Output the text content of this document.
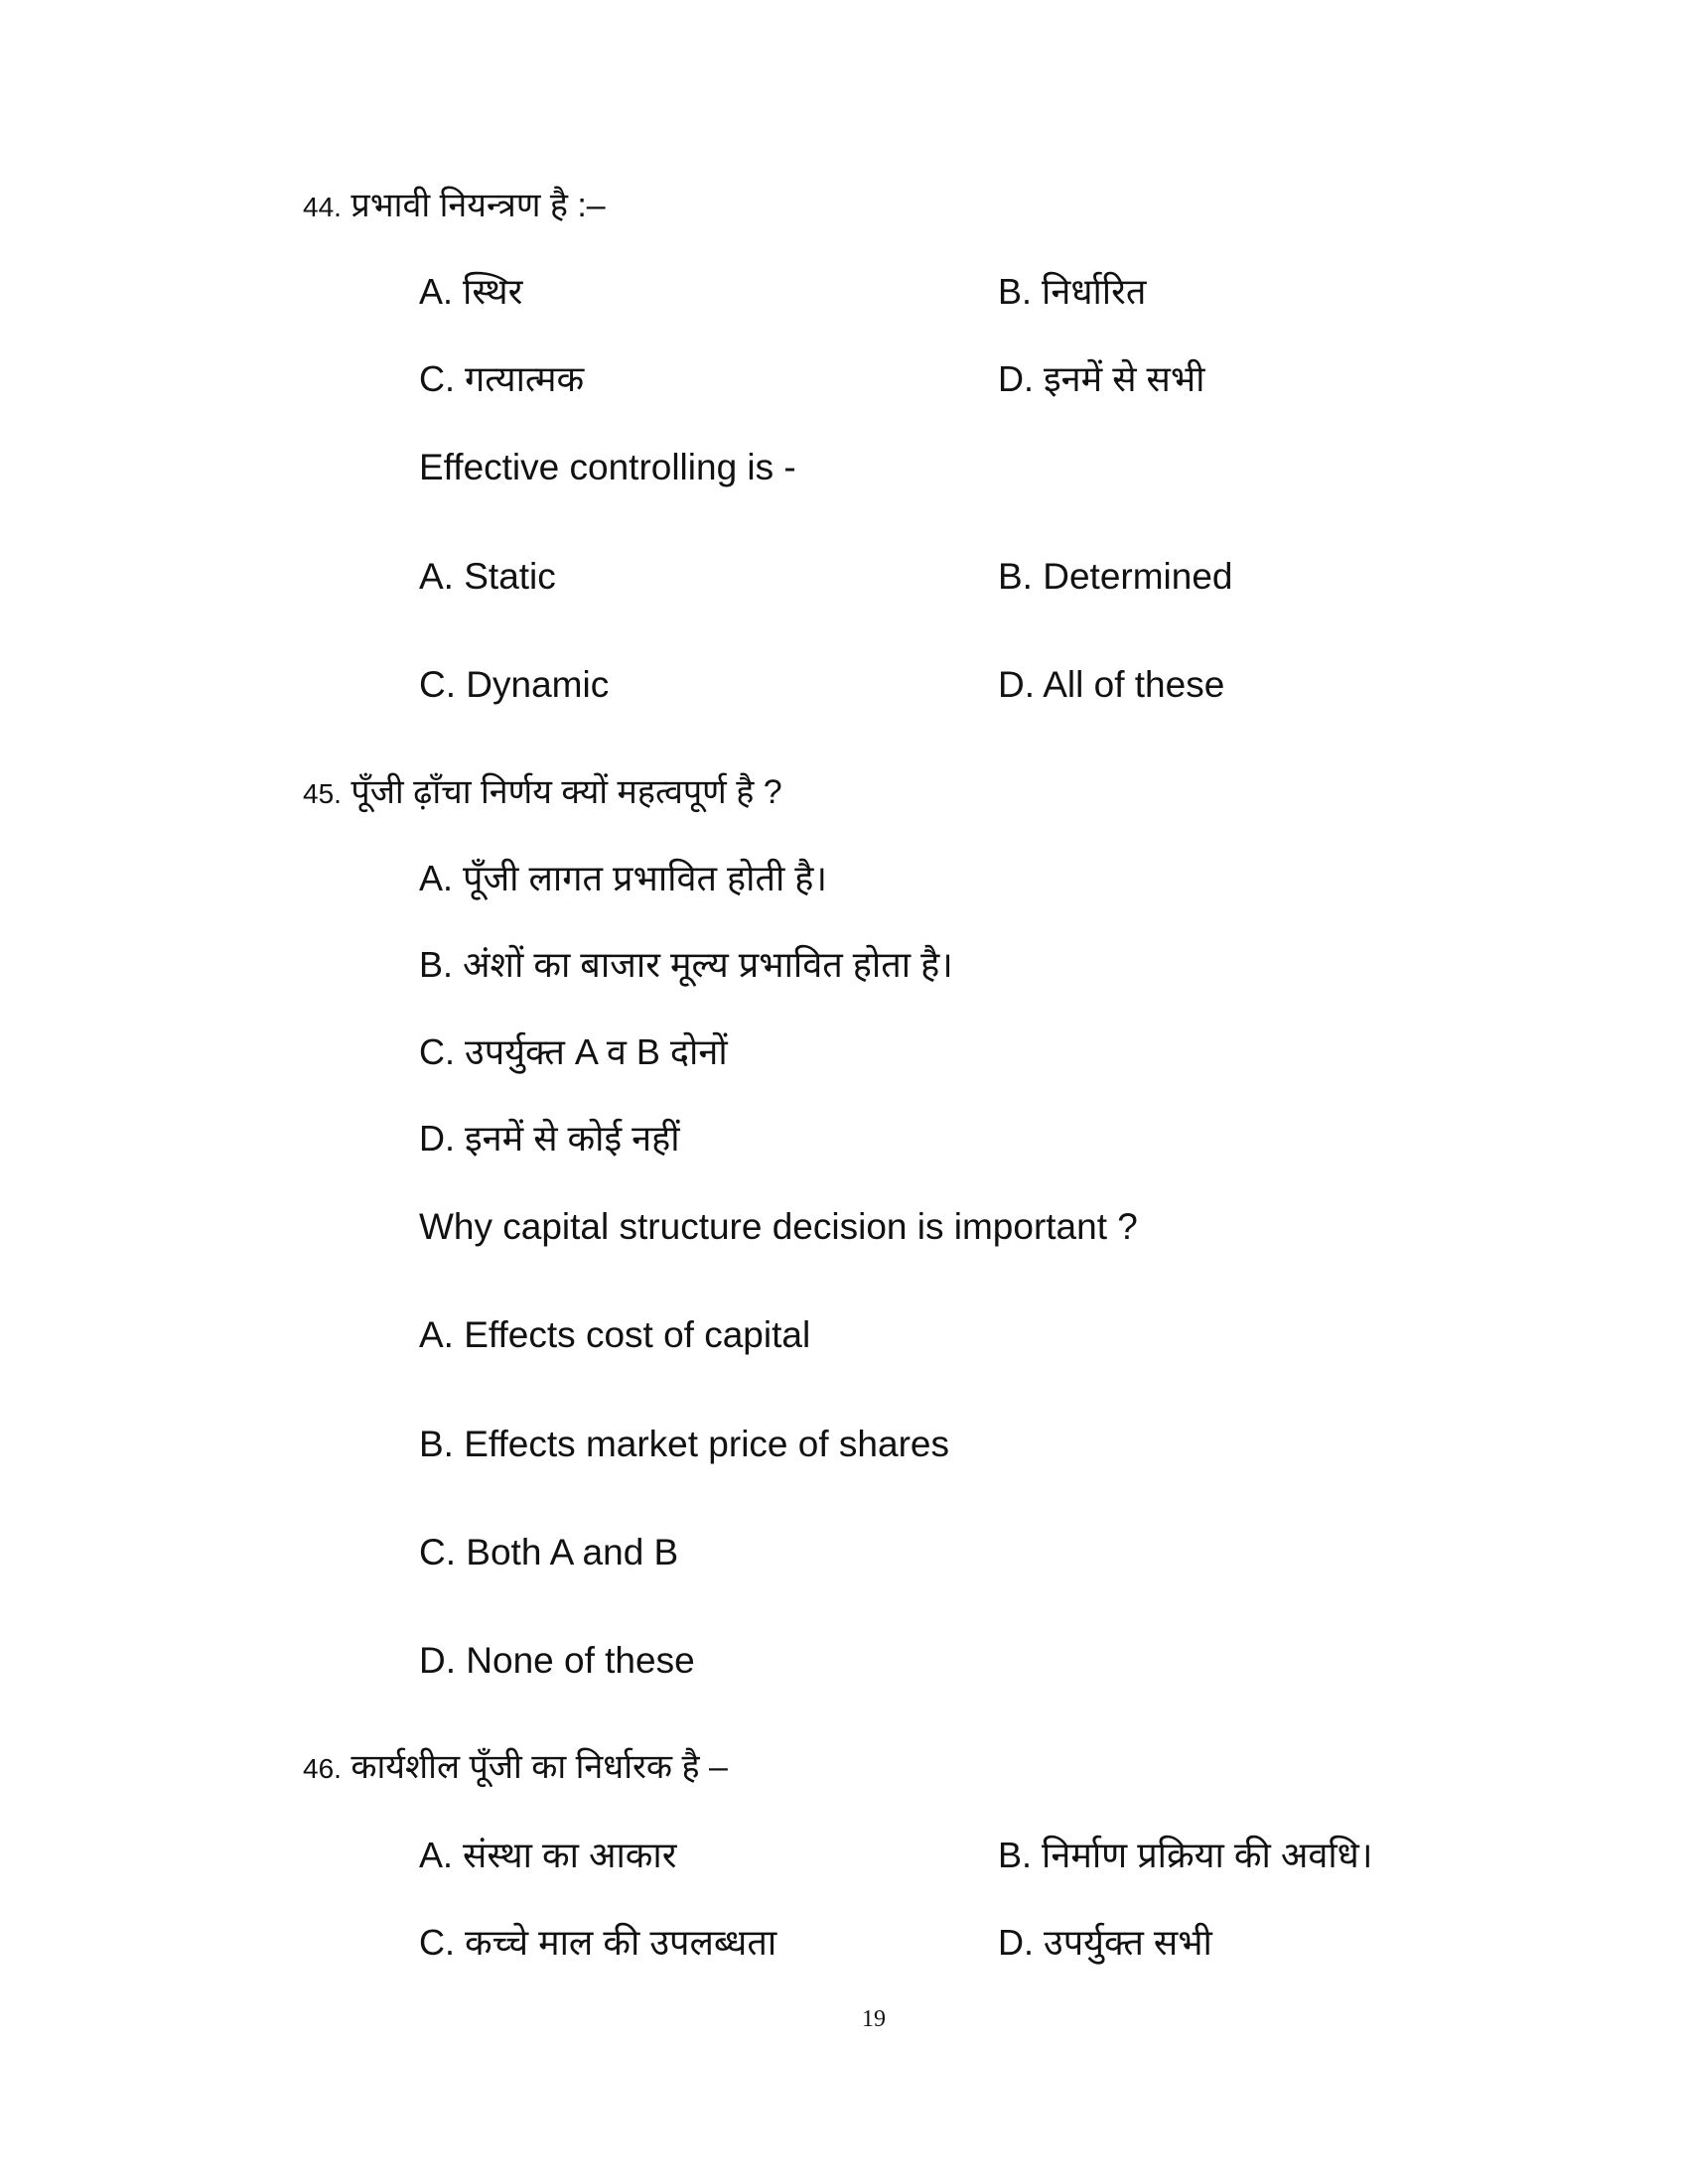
44. प्रभावी नियन्त्रण है :–
A. स्थिर	B. निर्धारित
C. गत्यात्मक	D. इनमें से सभी
Effective controlling is -
A. Static	B. Determined
C. Dynamic	D. All of these
45. पूँजी ढ़ाँचा निर्णय क्यों महत्वपूर्ण है ?
A. पूँजी लागत प्रभावित होती है।
B. अंशों का बाजार मूल्य प्रभावित होता है।
C. उपर्युक्त A व B दोनों
D. इनमें से कोई नहीं
Why capital structure decision is important ?
A. Effects cost of capital
B. Effects market price of shares
C. Both A and B
D. None of these
46. कार्यशील पूँजी का निर्धारक है –
A. संस्था का आकार	B. निर्माण प्रक्रिया की अवधि।
C. कच्चे माल की उपलब्धता	D. उपर्युक्त सभी
19
